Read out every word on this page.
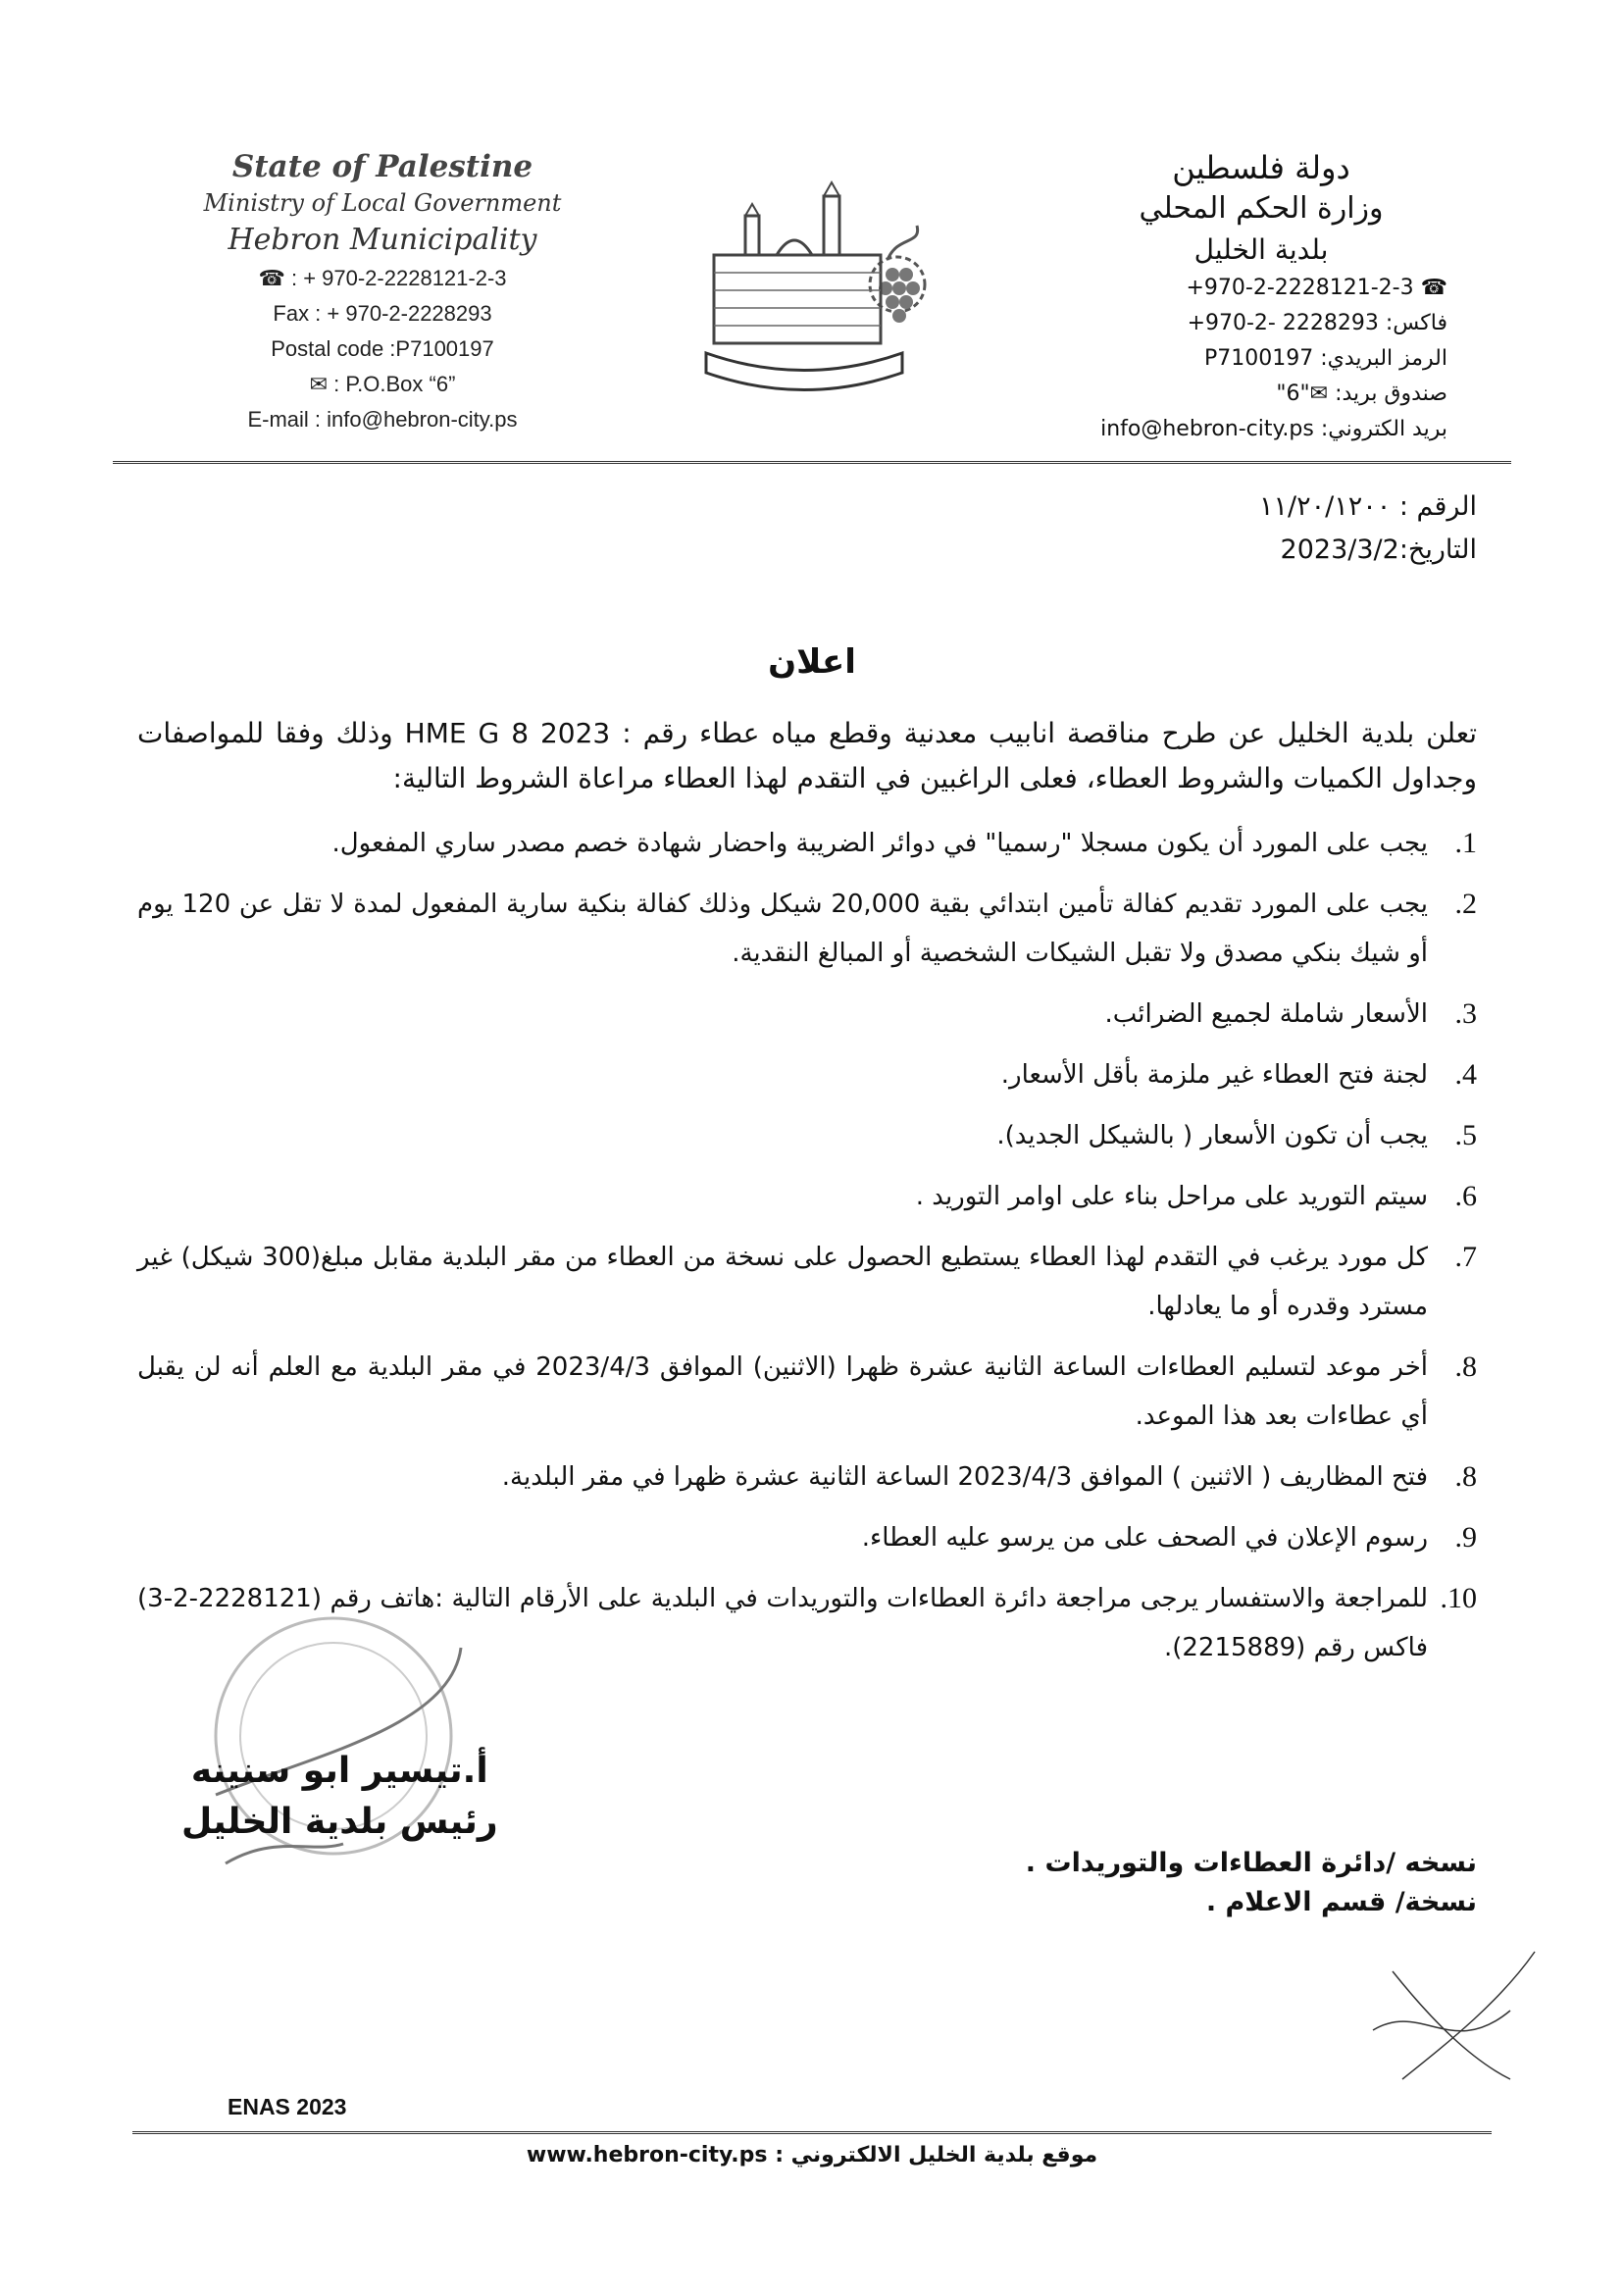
State of Palestine
Ministry of Local Government
Hebron Municipality
☎ : + 970-2-2228121-2-3
Fax : + 970-2-2228293
Postal code :P7100197
✉ : P.O.Box “6”
E-mail : info@hebron-city.ps
دولة فلسطين
وزارة الحكم المحلي
بلدية الخليل
+970-2-2228121-2-3 ☎
فاكس: +970-2- 2228293
الرمز البريدي: P7100197
صندوق بريد: "6"✉
بريد الكتروني: info@hebron-city.ps
الرقم : ١١/٢٠/١٢٠٠
التاريخ:2023/3/2
اعلان

تعلن بلدية الخليل عن طرح مناقصة انابيب معدنية وقطع مياه عطاء رقم : HME G 8 2023 وذلك وفقا للمواصفات وجداول الكميات والشروط العطاء، فعلى الراغبين في التقدم لهذا العطاء مراعاة الشروط التالية:

1.
يجب على المورد أن يكون مسجلا "رسميا" في دوائر الضريبة واحضار شهادة خصم مصدر ساري المفعول.
2.
يجب على المورد تقديم كفالة تأمين ابتدائي بقية 20,000 شيكل وذلك كفالة بنكية سارية المفعول لمدة لا تقل عن 120 يوم أو شيك بنكي مصدق ولا تقبل الشيكات الشخصية أو المبالغ النقدية.
3.
الأسعار شاملة لجميع الضرائب.
4.
لجنة فتح العطاء غير ملزمة بأقل الأسعار.
5.
يجب أن تكون الأسعار ( بالشيكل الجديد).
6.
سيتم التوريد على مراحل بناء على اوامر التوريد .
7.
كل مورد يرغب في التقدم لهذا العطاء يستطيع الحصول على نسخة من العطاء من مقر البلدية مقابل مبلغ(300 شيكل) غير مسترد وقدره أو ما يعادلها.
8.
أخر موعد لتسليم العطاءات الساعة الثانية عشرة ظهرا (الاثنين) الموافق 2023/4/3 في مقر البلدية مع العلم أنه لن يقبل أي عطاءات بعد هذا الموعد.
8.
فتح المظاريف ( الاثنين ) الموافق 2023/4/3 الساعة الثانية عشرة ظهرا في مقر البلدية.
9.
رسوم الإعلان في الصحف على من يرسو عليه العطاء.
10.
للمراجعة والاستفسار يرجى مراجعة دائرة العطاءات والتوريدات في البلدية على الأرقام التالية :هاتف رقم (2228121-2-3) فاكس رقم (2215889).
أ.تيسير ابو سنينه
رئيس بلدية الخليل
نسخه /دائرة العطاءات والتوريدات .
نسخة/ قسم الاعلام .
ENAS 2023
www.hebron-city.ps موقع بلدية الخليل الالكتروني :
